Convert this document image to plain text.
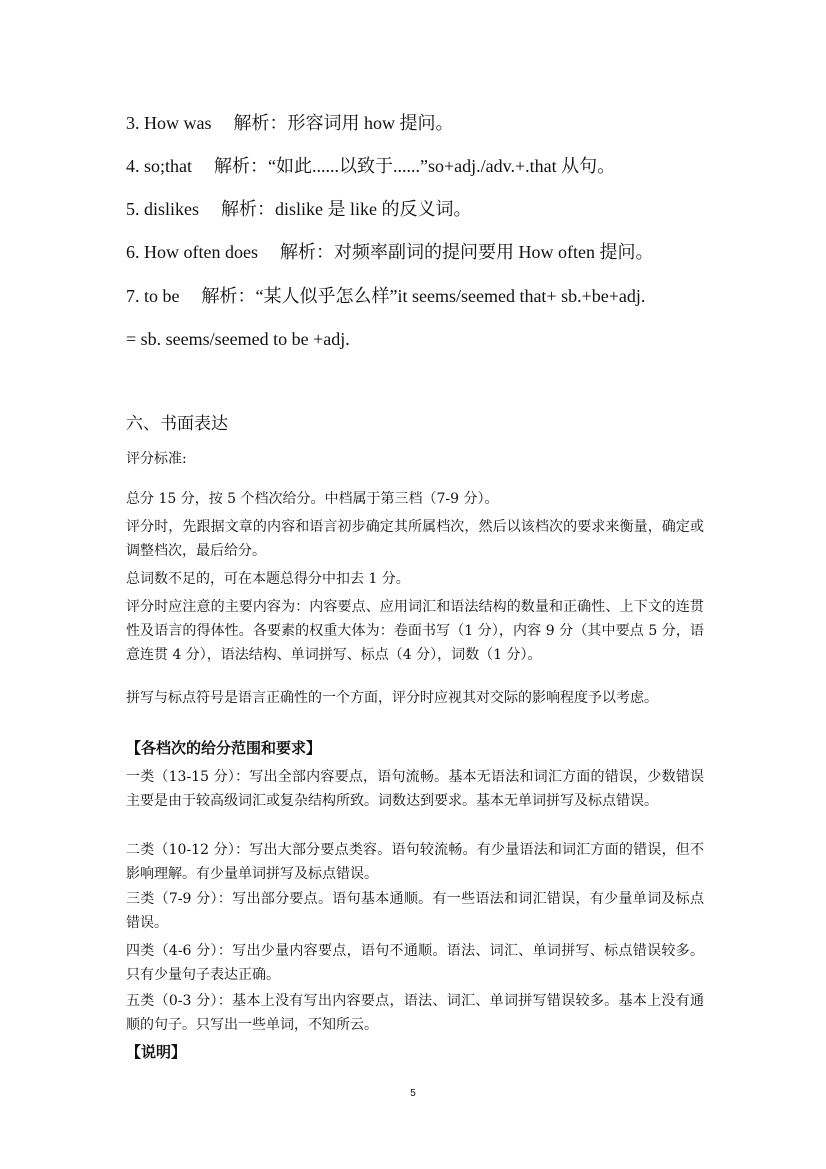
3. How was 解析：形容词用 how 提问。
4. so;that 解析：“如此......以致于......”so+adj./adv.+.that 从句。
5. dislikes 解析：dislike 是 like 的反义词。
6. How often does 解析：对频率副词的提问要用 How often 提问。
7. to be 解析：“某人似乎怎么样”it seems/seemed that+ sb.+be+adj.
= sb. seems/seemed to be +adj.
六、书面表达
评分标准:
总分 15 分，按 5 个档次给分。中档属于第三档（7-9 分）。
评分时，先跟据文章的内容和语言初步确定其所属档次，然后以该档次的要求来衡量，确定或调整档次，最后给分。
总词数不足的，可在本题总得分中扣去 1 分。
评分时应注意的主要内容为：内容要点、应用词汇和语法结构的数量和正确性、上下文的连贯性及语言的得体性。各要素的权重大体为：卷面书写（1 分），内容 9 分（其中要点 5 分，语意连贯 4 分），语法结构、单词拼写、标点（4 分），词数（1 分）。
拼写与标点符号是语言正确性的一个方面，评分时应视其对交际的影响程度予以考虑。
【各档次的给分范围和要求】
一类（13-15 分）：写出全部内容要点，语句流畅。基本无语法和词汇方面的错误，少数错误主要是由于较高级词汇或复杂结构所致。词数达到要求。基本无单词拼写及标点错误。
二类（10-12 分）：写出大部分要点类容。语句较流畅。有少量语法和词汇方面的错误，但不影响理解。有少量单词拼写及标点错误。
三类（7-9 分）：写出部分要点。语句基本通顺。有一些语法和词汇错误，有少量单词及标点错误。
四类（4-6 分）：写出少量内容要点，语句不通顺。语法、词汇、单词拼写、标点错误较多。只有少量句子表达正确。
五类（0-3 分）：基本上没有写出内容要点，语法、词汇、单词拼写错误较多。基本上没有通顺的句子。只写出一些单词，不知所云。
【说明】
5
